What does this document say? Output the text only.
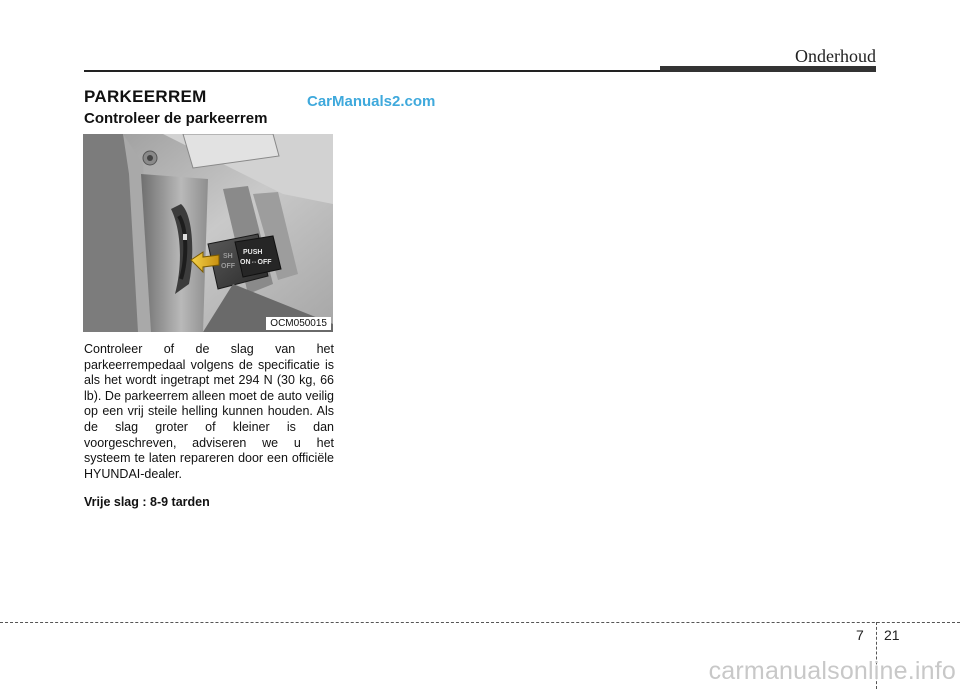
Onderhoud
PARKEERREM	CarManuals2.com
Controleer de parkeerrem
SH
OFF
PUSH
ON⇔OFF
OCM050015
Controleer of de slag van het parkeerrempedaal volgens de specificatie is als het wordt ingetrapt met 294 N (30 kg, 66 lb). De parkeerrem alleen moet de auto veilig op een vrij steile helling kunnen houden. Als de slag groter of kleiner is dan voorgeschreven, adviseren we u het systeem te laten repareren door een officiële HYUNDAI-dealer.
Vrije slag : 8-9 tarden
7 21
carmanualsonline.info
